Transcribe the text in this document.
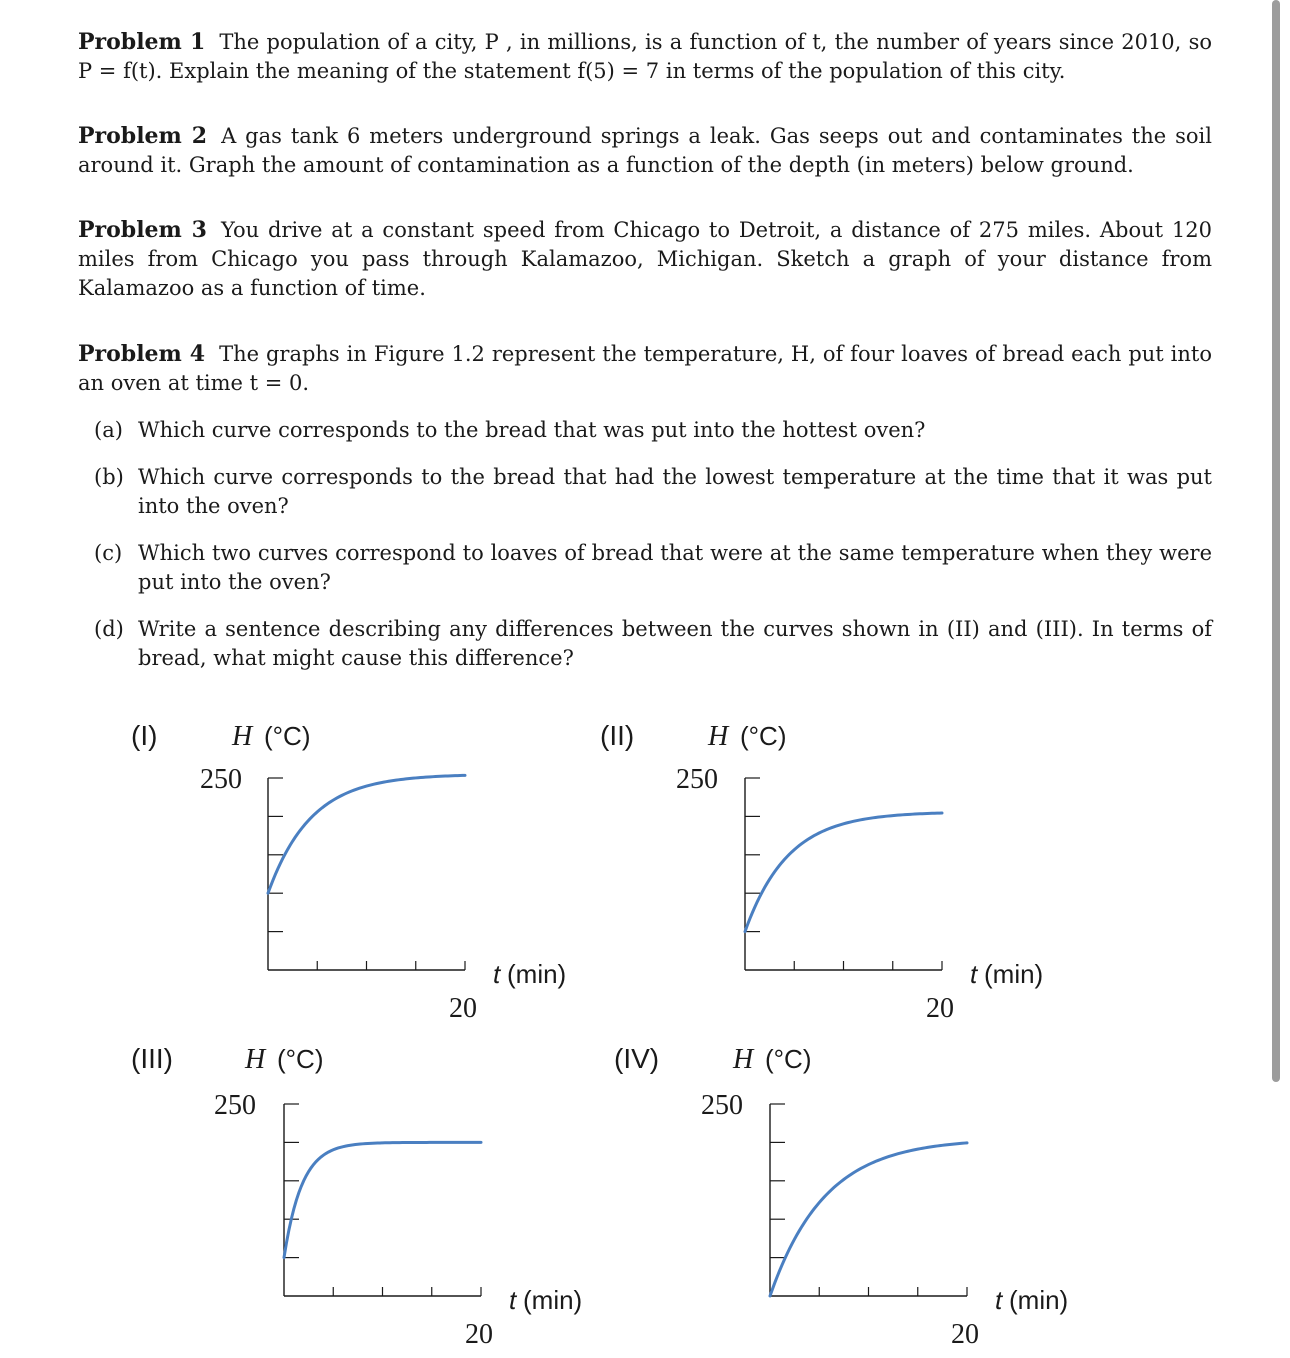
Problem 1 The population of a city, P , in millions, is a function of t, the number of years since 2010, so P = f(t). Explain the meaning of the statement f(5) = 7 in terms of the population of this city.

Problem 2 A gas tank 6 meters underground springs a leak. Gas seeps out and contaminates the soil around it. Graph the amount of contamination as a function of the depth (in meters) below ground.

Problem 3 You drive at a constant speed from Chicago to Detroit, a distance of 275 miles. About 120 miles from Chicago you pass through Kalamazoo, Michigan. Sketch a graph of your distance from Kalamazoo as a function of time.

Problem 4 The graphs in Figure 1.2 represent the temperature, H, of four loaves of bread each put into an oven at time t = 0.

(a) Which curve corresponds to the bread that was put into the hottest oven?
(b) Which curve corresponds to the bread that had the lowest temperature at the time that it was put into the oven?
(c) Which two curves correspond to loaves of bread that were at the same temperature when they were put into the oven?
(d) Write a sentence describing any differences between the curves shown in (II) and (III). In terms of bread, what might cause this difference?
(I)	H (°C)
250
20
t (min)
(II)	H (°C)
250
20
t (min)
(III)	H (°C)
250
20
t (min)
(IV)	H (°C)
250
20
t (min)
